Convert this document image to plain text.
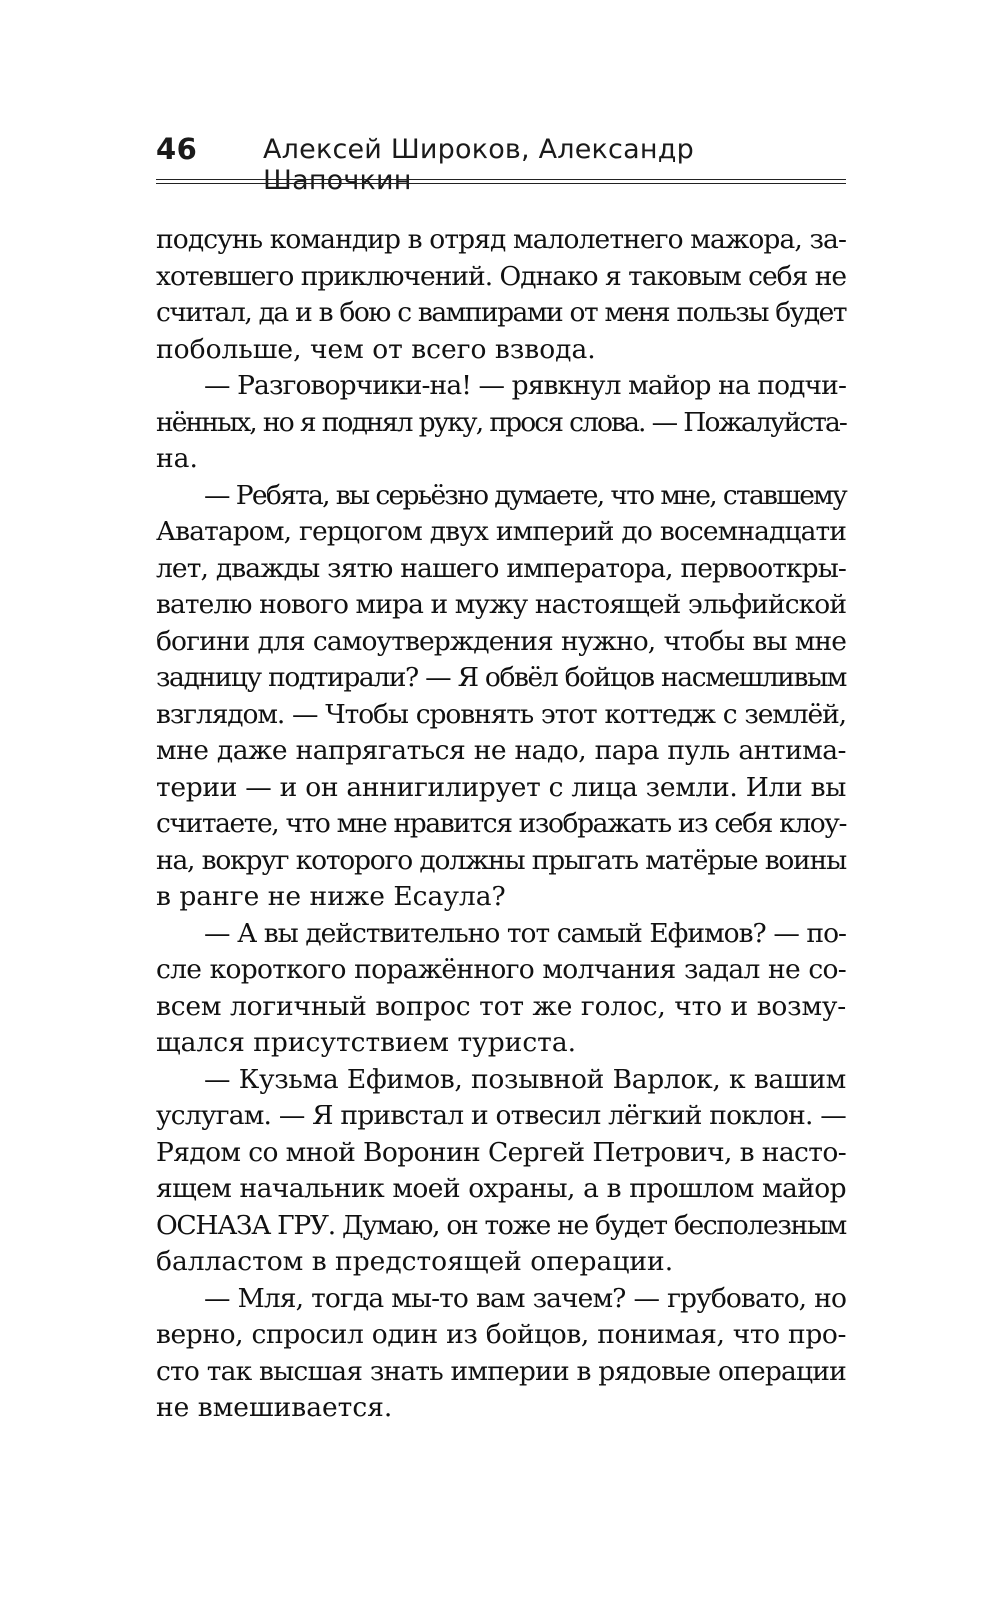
46 Алексей Широков, Александр Шапочкин
подсунь командир в отряд малолетнего мажора, за-
хотевшего приключений. Однако я таковым себя не
считал, да и в бою с вампирами от меня пользы будет
побольше, чем от всего взвода.
— Разговорчики-на! — рявкнул майор на подчи-
нённых, но я поднял руку, прося слова. — Пожалуйста-
на.
— Ребята, вы серьёзно думаете, что мне, ставшему
Аватаром, герцогом двух империй до восемнадцати
лет, дважды зятю нашего императора, первооткры-
вателю нового мира и мужу настоящей эльфийской
богини для самоутверждения нужно, чтобы вы мне
задницу подтирали? — Я обвёл бойцов насмешливым
взглядом. — Чтобы сровнять этот коттедж с землёй,
мне даже напрягаться не надо, пара пуль антима-
терии — и он аннигилирует с лица земли. Или вы
считаете, что мне нравится изображать из себя клоу-
на, вокруг которого должны прыгать матёрые воины
в ранге не ниже Есаула?
— А вы действительно тот самый Ефимов? — по-
сле короткого поражённого молчания задал не со-
всем логичный вопрос тот же голос, что и возму-
щался присутствием туриста.
— Кузьма Ефимов, позывной Варлок, к вашим
услугам. — Я привстал и отвесил лёгкий поклон. —
Рядом со мной Воронин Сергей Петрович, в насто-
ящем начальник моей охраны, а в прошлом майор
ОСНАЗА ГРУ. Думаю, он тоже не будет бесполезным
балластом в предстоящей операции.
— Мля, тогда мы-то вам зачем? — грубовато, но
верно, спросил один из бойцов, понимая, что про-
сто так высшая знать империи в рядовые операции
не вмешивается.
